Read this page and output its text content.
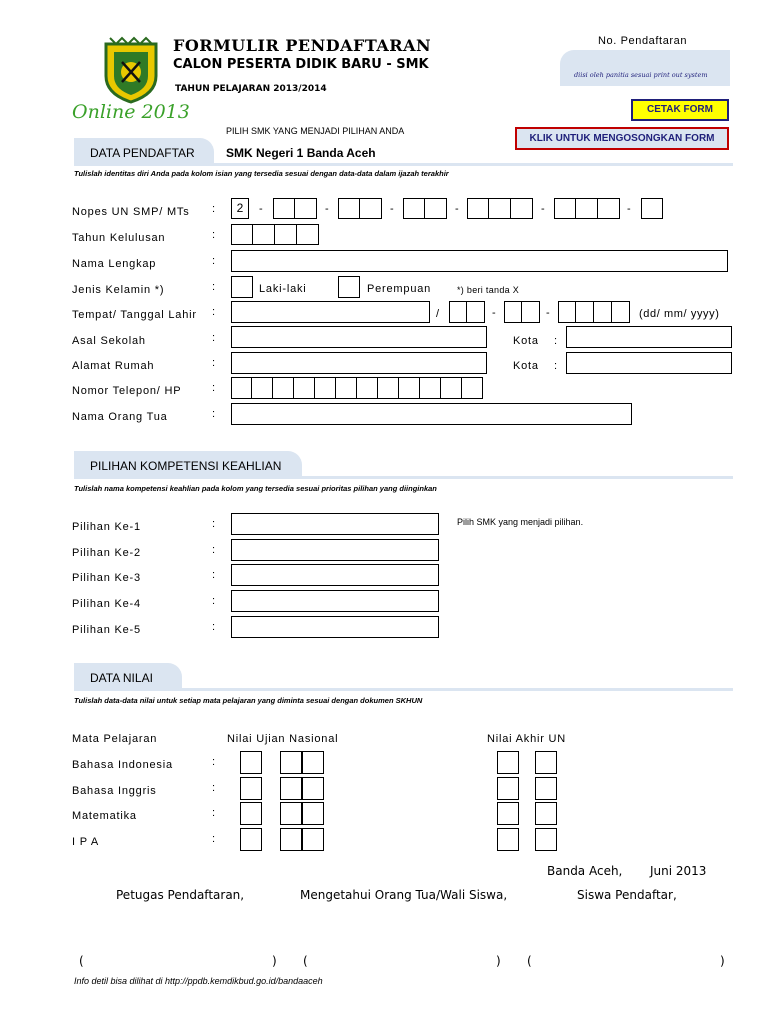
FORMULIR PENDAFTARAN
CALON PESERTA DIDIK BARU - SMK
TAHUN PELAJARAN 2013/2014
Online 2013
No. Pendaftaran
diisi oleh panitia sesuai print out system
CETAK FORM
KLIK UNTUK MENGOSONGKAN FORM
PILIH SMK YANG MENJADI PILIHAN ANDA
DATA PENDAFTAR	SMK Negeri 1 Banda Aceh
Tulislah identitas diri Anda pada kolom isian yang tersedia sesuai dengan data-data dalam ijazah terakhir
Nopes UN SMP/ MTs :	2	-	-	-	-	-	-
Tahun Kelulusan	:
Nama Lengkap	:
Jenis Kelamin *)	:	Laki-laki	Perempuan	*) beri tanda X
Tempat/ Tanggal Lahir :	/	-	-	(dd/ mm/ yyyy)
Asal Sekolah	:	Kota :
Alamat Rumah	:	Kota :
Nomor Telepon/ HP	:
Nama Orang Tua	:
PILIHAN KOMPETENSI KEAHLIAN
Tulislah nama kompetensi keahlian pada kolom yang tersedia sesuai prioritas pilihan yang diinginkan
Pilihan Ke-1	:
Pilihan Ke-2	:
Pilihan Ke-3	:
Pilihan Ke-4	:
Pilihan Ke-5	:
Pilih SMK yang menjadi pilihan.
DATA NILAI
Tulislah data-data nilai untuk setiap mata pelajaran yang diminta sesuai dengan dokumen SKHUN
Mata Pelajaran	Nilai Ujian Nasional	Nilai Akhir UN
Bahasa Indonesia	:
Bahasa Inggris	:
Matematika	:
I P A	:
Banda Aceh, Juni 2013
Petugas Pendaftaran,	Mengetahui Orang Tua/Wali Siswa,	Siswa Pendaftar,
(	) (	) (	)
Info detil bisa dilihat di http://ppdb.kemdikbud.go.id/bandaaceh
